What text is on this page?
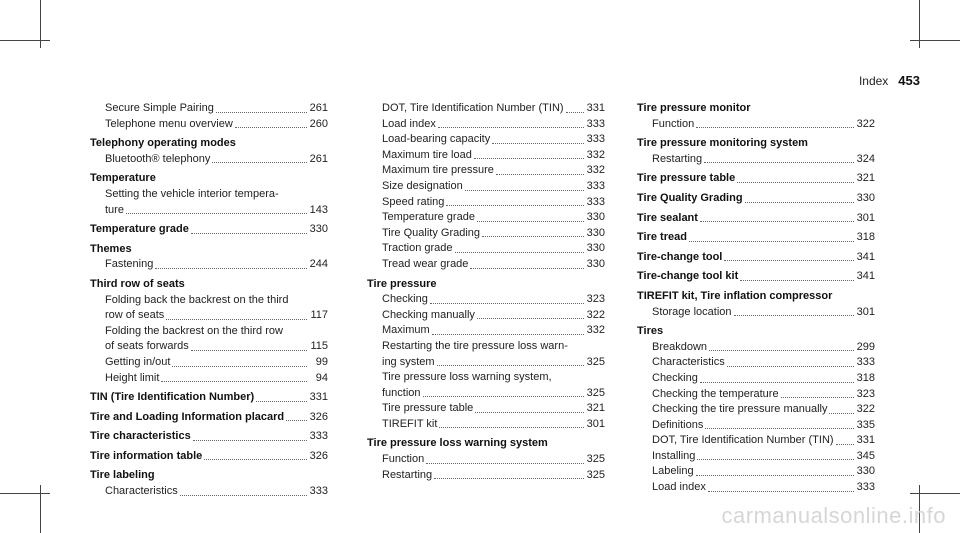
Index 453
Secure Simple Pairing	261
Telephone menu overview	260
Telephony operating modes
Bluetooth® telephony	261
Temperature
Setting the vehicle interior tempera-
ture	143
Temperature grade	330
Themes
Fastening	244
Third row of seats
Folding back the backrest on the third
row of seats	117
Folding the backrest on the third row
of seats forwards	115
Getting in/out	99
Height limit	94
TIN (Tire Identification Number)	331
Tire and Loading Information placard 326
Tire characteristics	333
Tire information table	326
Tire labeling
Characteristics	333
DOT, Tire Identification Number (TIN) 331
Load index	333
Load-bearing capacity	333
Maximum tire load	332
Maximum tire pressure	332
Size designation	333
Speed rating	333
Temperature grade	330
Tire Quality Grading	330
Traction grade	330
Tread wear grade	330
Tire pressure
Checking	323
Checking manually	322
Maximum	332
Restarting the tire pressure loss warn-
ing system	325
Tire pressure loss warning system,
function	325
Tire pressure table	321
TIREFIT kit	301
Tire pressure loss warning system
Function	325
Restarting	325
Tire pressure monitor
Function	322
Tire pressure monitoring system
Restarting	324
Tire pressure table	321
Tire Quality Grading	330
Tire sealant	301
Tire tread	318
Tire-change tool	341
Tire-change tool kit	341
TIREFIT kit, Tire inflation compressor
Storage location	301
Tires
Breakdown	299
Characteristics	333
Checking	318
Checking the temperature	323
Checking the tire pressure manually	322
Definitions	335
DOT, Tire Identification Number (TIN) 331
Installing	345
Labeling	330
Load index	333
carmanualsonline.info
